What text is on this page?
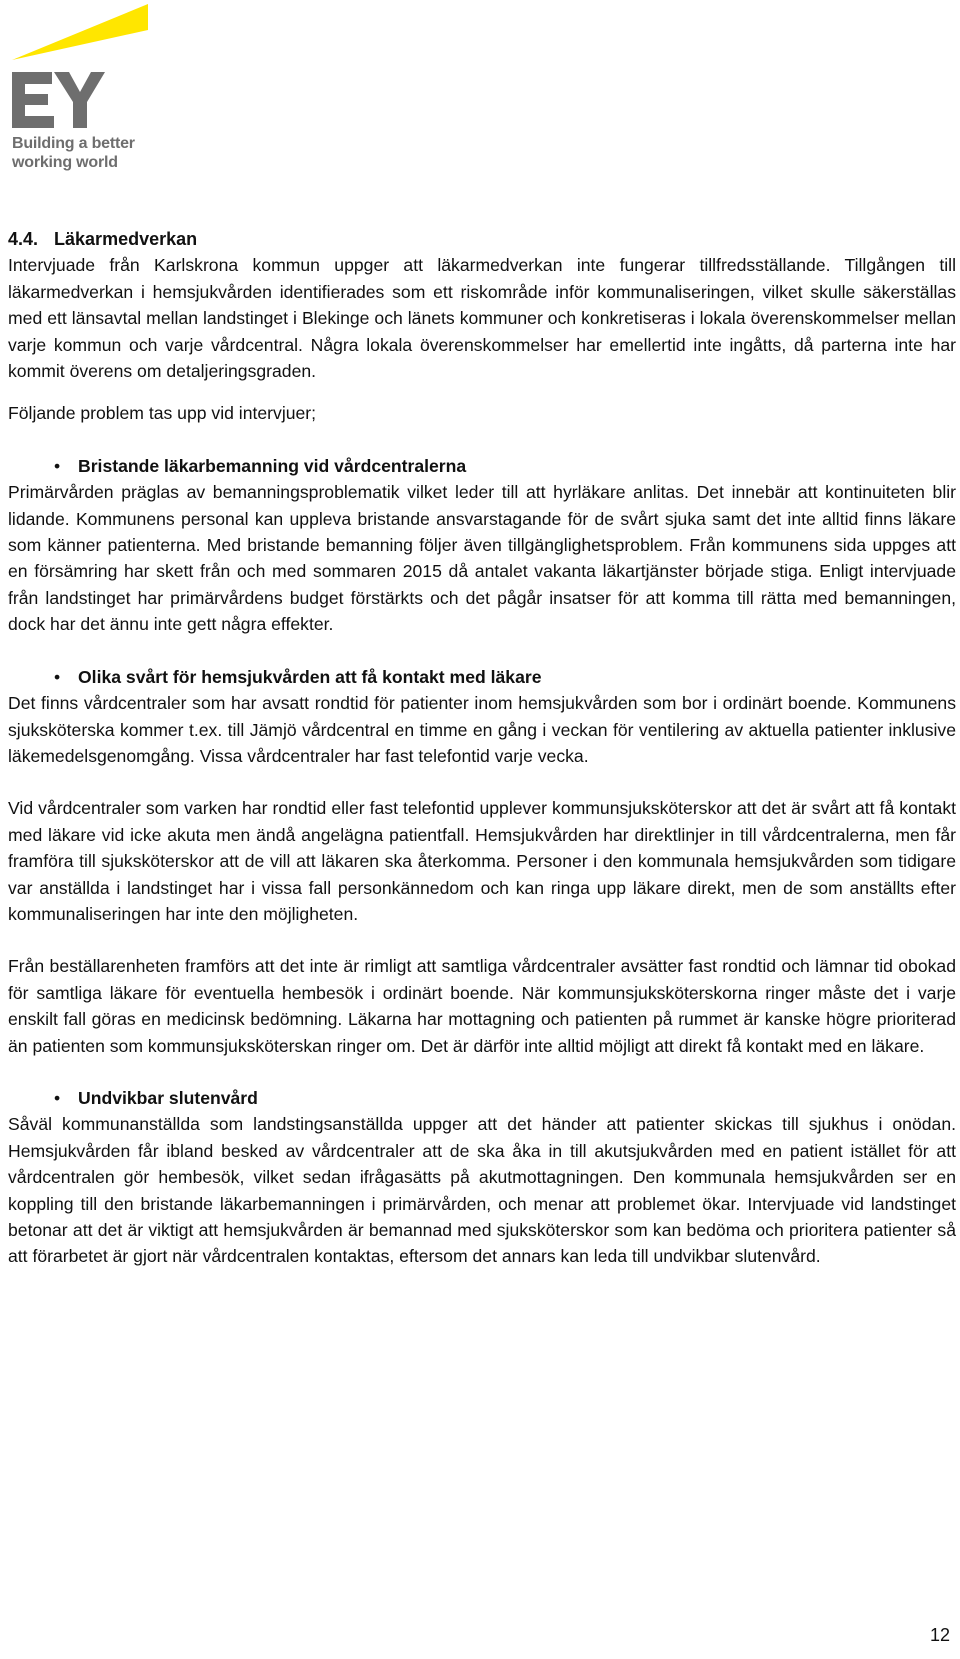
EY
Building a better
working world
4.4. Läkarmedverkan

Intervjuade från Karlskrona kommun uppger att läkarmedverkan inte fungerar tillfredsställande. Tillgången till läkarmedverkan i hemsjukvården identifierades som ett riskområde inför kommunaliseringen, vilket skulle säkerställas med ett länsavtal mellan landstinget i Blekinge och länets kommuner och konkretiseras i lokala överenskommelser mellan varje kommun och varje vårdcentral. Några lokala överenskommelser har emellertid inte ingåtts, då parterna inte har kommit överens om detaljeringsgraden.

Följande problem tas upp vid intervjuer;

• Bristande läkarbemanning vid vårdcentralerna

Primärvården präglas av bemanningsproblematik vilket leder till att hyrläkare anlitas. Det innebär att kontinuiteten blir lidande. Kommunens personal kan uppleva bristande ansvarstagande för de svårt sjuka samt det inte alltid finns läkare som känner patienterna. Med bristande bemanning följer även tillgänglighetsproblem. Från kommunens sida uppges att en försämring har skett från och med sommaren 2015 då antalet vakanta läkartjänster började stiga. Enligt intervjuade från landstinget har primärvårdens budget förstärkts och det pågår insatser för att komma till rätta med bemanningen, dock har det ännu inte gett några effekter.

• Olika svårt för hemsjukvården att få kontakt med läkare

Det finns vårdcentraler som har avsatt rondtid för patienter inom hemsjukvården som bor i ordinärt boende. Kommunens sjuksköterska kommer t.ex. till Jämjö vårdcentral en timme en gång i veckan för ventilering av aktuella patienter inklusive läkemedelsgenomgång. Vissa vårdcentraler har fast telefontid varje vecka.

Vid vårdcentraler som varken har rondtid eller fast telefontid upplever kommunsjuksköterskor att det är svårt att få kontakt med läkare vid icke akuta men ändå angelägna patientfall. Hemsjukvården har direktlinjer in till vårdcentralerna, men får framföra till sjuksköterskor att de vill att läkaren ska återkomma. Personer i den kommunala hemsjukvården som tidigare var anställda i landstinget har i vissa fall personkännedom och kan ringa upp läkare direkt, men de som anställts efter kommunaliseringen har inte den möjligheten.

Från beställarenheten framförs att det inte är rimligt att samtliga vårdcentraler avsätter fast rondtid och lämnar tid obokad för samtliga läkare för eventuella hembesök i ordinärt boende. När kommunsjuksköterskorna ringer måste det i varje enskilt fall göras en medicinsk bedömning. Läkarna har mottagning och patienten på rummet är kanske högre prioriterad än patienten som kommunsjuksköterskan ringer om. Det är därför inte alltid möjligt att direkt få kontakt med en läkare.

• Undvikbar slutenvård

Såväl kommunanställda som landstingsanställda uppger att det händer att patienter skickas till sjukhus i onödan. Hemsjukvården får ibland besked av vårdcentraler att de ska åka in till akutsjukvården med en patient istället för att vårdcentralen gör hembesök, vilket sedan ifrågasätts på akutmottagningen. Den kommunala hemsjukvården ser en koppling till den bristande läkarbemanningen i primärvården, och menar att problemet ökar. Intervjuade vid landstinget betonar att det är viktigt att hemsjukvården är bemannad med sjuksköterskor som kan bedöma och prioritera patienter så att förarbetet är gjort när vårdcentralen kontaktas, eftersom det annars kan leda till undvikbar slutenvård.

12
